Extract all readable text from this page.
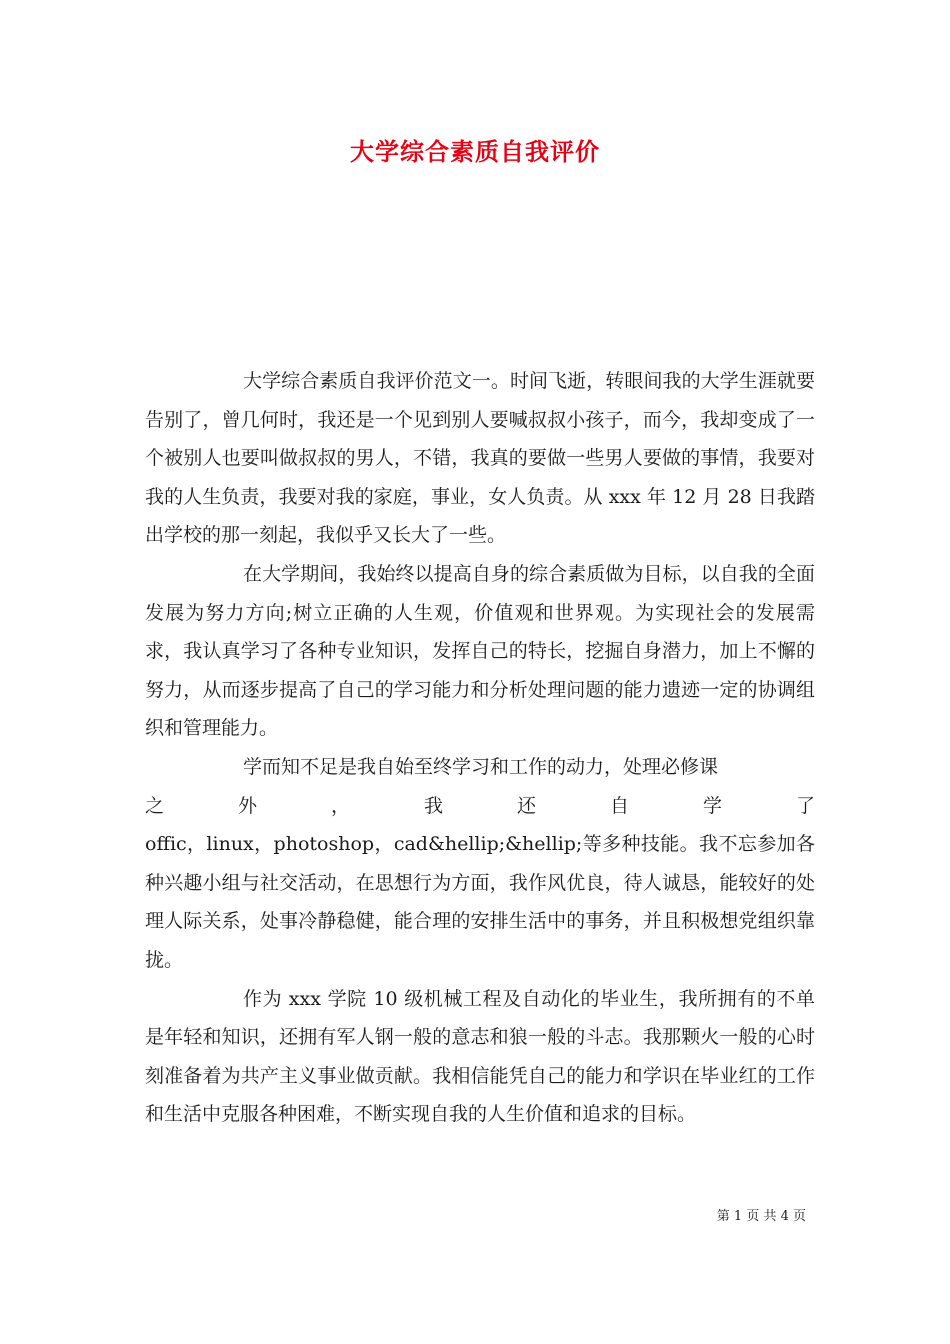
大学综合素质自我评价

大学综合素质自我评价范文一。时间飞逝，转眼间我的大学生涯就要告别了，曾几何时，我还是一个见到别人要喊叔叔小孩子，而今，我却变成了一个被别人也要叫做叔叔的男人，不错，我真的要做一些男人要做的事情，我要对我的人生负责，我要对我的家庭，事业，女人负责。从 xxx 年 12 月 28 日我踏出学校的那一刻起，我似乎又长大了一些。

在大学期间，我始终以提高自身的综合素质做为目标，以自我的全面发展为努力方向;树立正确的人生观，价值观和世界观。为实现社会的发展需求，我认真学习了各种专业知识，发挥自己的特长，挖掘自身潜力，加上不懈的努力，从而逐步提高了自己的学习能力和分析处理问题的能力遗迹一定的协调组织和管理能力。

学而知不足是我自始至终学习和工作的动力，处理必修课
之 外 ， 我 还 自 学 了
offic，linux，photoshop，cad&hellip;&hellip;等多种技能。我不忘参加各种兴趣小组与社交活动，在思想行为方面，我作风优良，待人诚恳，能较好的处理人际关系，处事冷静稳健，能合理的安排生活中的事务，并且积极想党组织靠拢。

作为 xxx 学院 10 级机械工程及自动化的毕业生，我所拥有的不单是年轻和知识，还拥有军人钢一般的意志和狼一般的斗志。我那颗火一般的心时刻准备着为共产主义事业做贡献。我相信能凭自己的能力和学识在毕业红的工作和生活中克服各种困难，不断实现自我的人生价值和追求的目标。

第 1 页 共 4 页
